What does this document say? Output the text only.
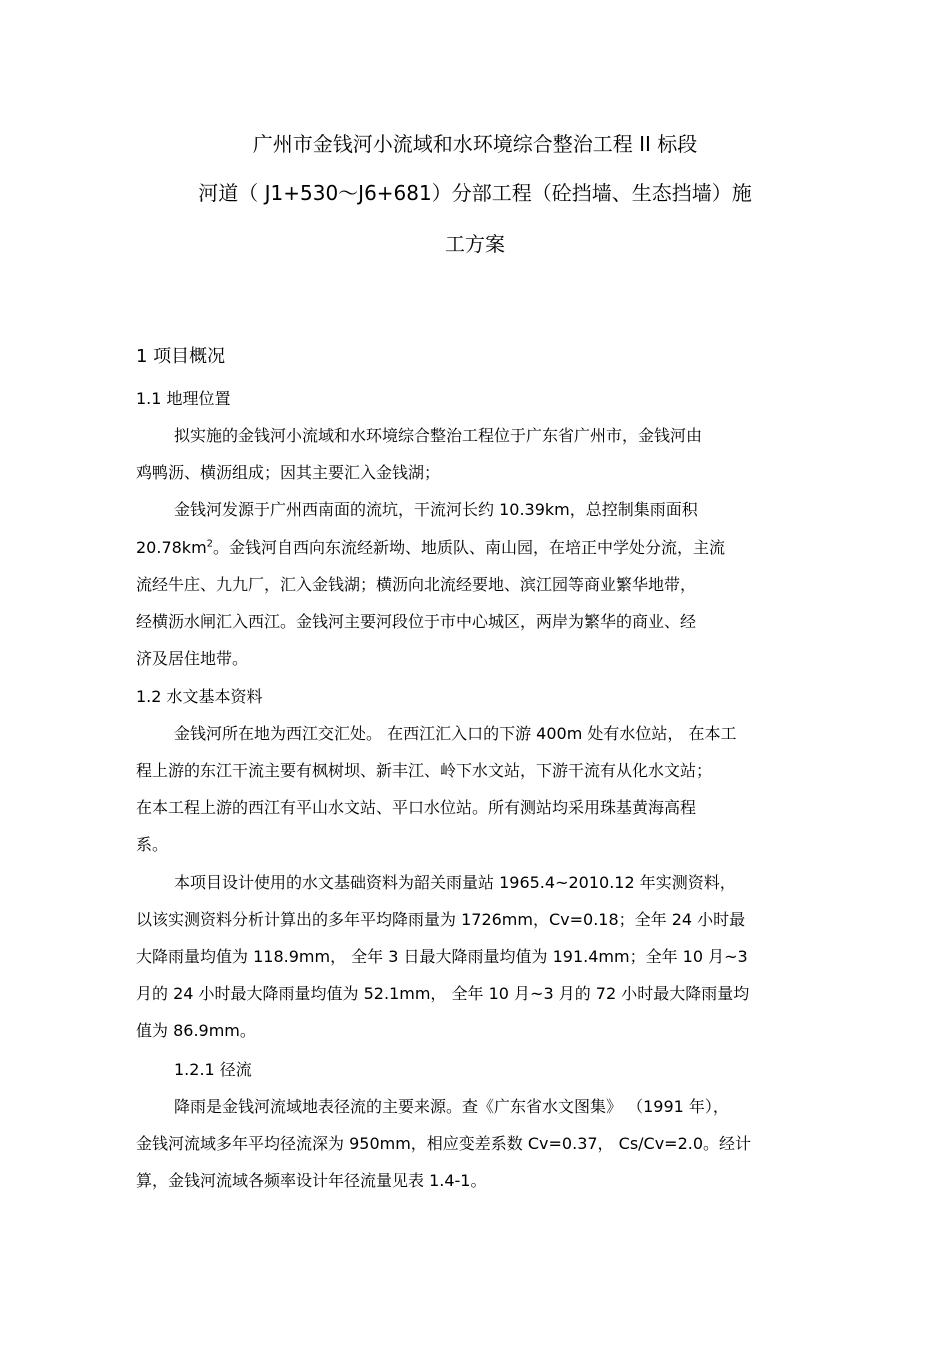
广州市金钱河小流域和水环境综合整治工程 II 标段
河道（ J1+530～J6+681）分部工程（砼挡墙、生态挡墙）施
工方案
1 项目概况
1.1 地理位置
拟实施的金钱河小流域和水环境综合整治工程位于广东省广州市，金钱河由
鸡鸭沥、横沥组成；因其主要汇入金钱湖；
金钱河发源于广州西南面的流坑，干流河长约 10.39km，总控制集雨面积
$20.78km^2$。金钱河自西向东流经新坳、地质队、南山园，在培正中学处分流，主流
流经牛庄、九九厂，汇入金钱湖；横沥向北流经要地、滨江园等商业繁华地带，
经横沥水闸汇入西江。金钱河主要河段位于市中心城区，两岸为繁华的商业、经
济及居住地带。
1.2 水文基本资料
金钱河所在地为西江交汇处。 在西江汇入口的下游 400m 处有水位站， 在本工
程上游的东江干流主要有枫树坝、新丰江、岭下水文站，下游干流有从化水文站；
在本工程上游的西江有平山水文站、平口水位站。所有测站均采用珠基黄海高程
系。
本项目设计使用的水文基础资料为韶关雨量站 1965.4~2010.12 年实测资料，
以该实测资料分析计算出的多年平均降雨量为 1726mm，Cv=0.18；全年 24 小时最
大降雨量均值为 118.9mm， 全年 3 日最大降雨量均值为 191.4mm；全年 10 月~3
月的 24 小时最大降雨量均值为 52.1mm， 全年 10 月~3 月的 72 小时最大降雨量均
值为 86.9mm。
1.2.1 径流
降雨是金钱河流域地表径流的主要来源。查《广东省水文图集》 （1991 年），
金钱河流域多年平均径流深为 950mm，相应变差系数 Cv=0.37， Cs/Cv=2.0。经计
算，金钱河流域各频率设计年径流量见表 1.4-1。
